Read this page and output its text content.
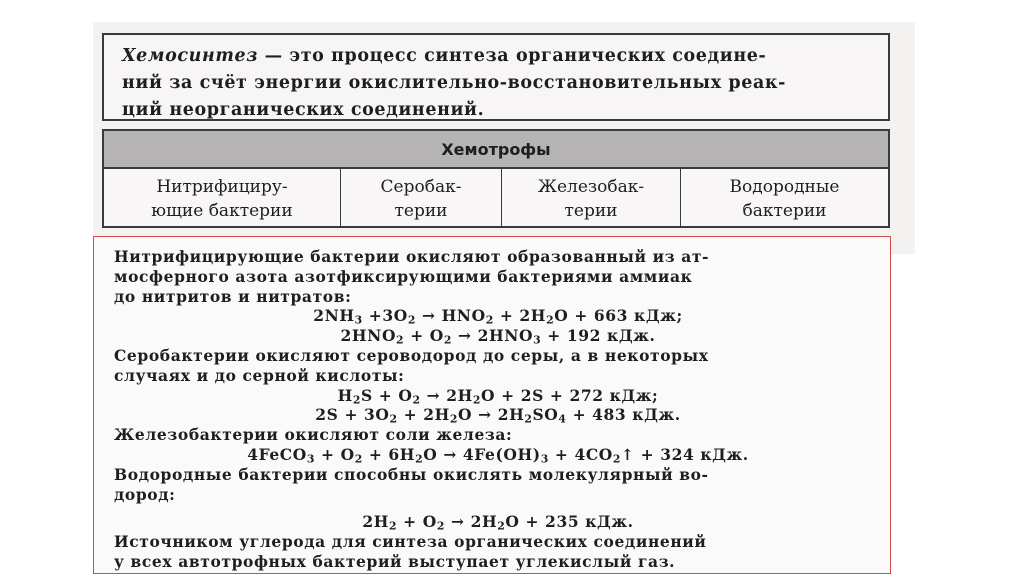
Хемосинтез — это процесс синтеза органических соедине-
ний за счёт энергии окислительно-восстановительных реак-
ций неорганических соединений.
Хемотрофы
Нитрифициру-
ющие бактерии
Серобак-
терии
Железобак-
терии
Водородные
бактерии
Нитрифицирующие бактерии окисляют образованный из ат-
мосферного азота азотфиксирующими бактериями аммиак
до нитритов и нитратов:
$2NH_3 +3O_2 \to HNO_2 + 2H_2O + 663$ кДж;
$2HNO_2 + O_2 \to 2HNO_3 + 192$ кДж.
Серобактерии окисляют сероводород до серы, а в некоторых
случаях и до серной кислоты:
$H_2S + O_2 \to 2H_2O + 2S + 272$ кДж;
$2S + 3O_2 + 2H_2O \to 2H_2SO_4 + 483$ кДж.
Железобактерии окисляют соли железа:
4FeCO$_3$ + $O_2 + 6H_2O \to 4Fe(OH)_3$ + $4CO_2↑ + 324$ кДж.
Водородные бактерии способны окислять молекулярный во-
дород:
$2H_2 + O_2 \to 2H_2O + 235$ кДж.
Источником углерода для синтеза органических соединений
у всех автотрофных бактерий выступает углекислый газ.
